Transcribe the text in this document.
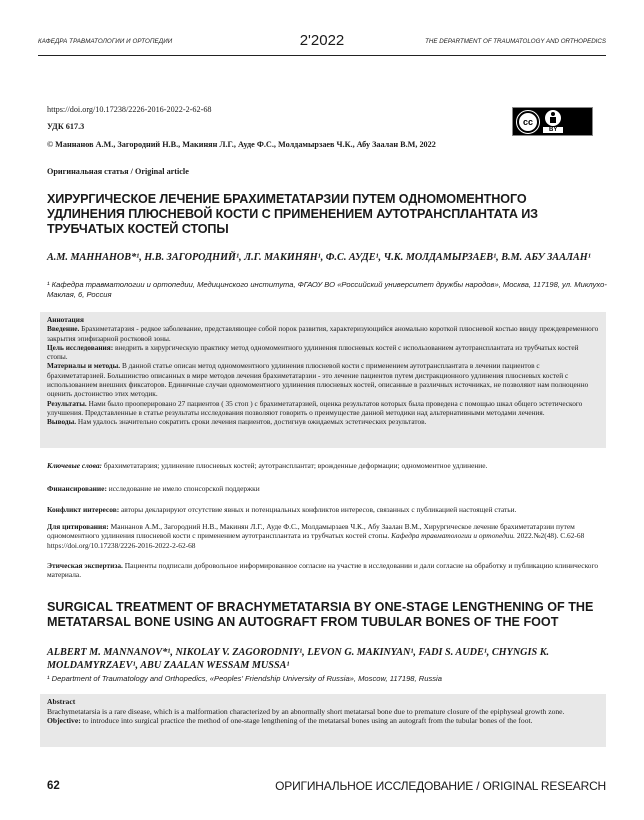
КАФЕДРА ТРАВМАТОЛОГИИ И ОРТОПЕДИИ	2'2022	THE DEPARTMENT OF TRAUMATOLOGY AND ORTHOPEDICS
https://doi.org/10.17238/2226-2016-2022-2-62-68
УДК 617.3
© Маннанов А.М., Загородний Н.В., Макинян Л.Г., Ауде Ф.С., Молдамырзаев Ч.К., Абу Заалан В.М, 2022
Оригинальная статья / Original article
cc
BY
ХИРУРГИЧЕСКОЕ ЛЕЧЕНИЕ БРАХИМЕТАТАРЗИИ ПУТЕМ ОДНОМОМЕНТНОГО УДЛИНЕНИЯ ПЛЮСНЕВОЙ КОСТИ С ПРИМЕНЕНИЕМ АУТОТРАНСПЛАНТАТА ИЗ ТРУБЧАТЫХ КОСТЕЙ СТОПЫ
А.М. МАННАНОВ*¹, Н.В. ЗАГОРОДНИЙ¹, Л.Г. МАКИНЯН¹, Ф.С. АУДЕ¹, Ч.К. МОЛДАМЫРЗАЕВ¹, В.М. АБУ ЗААЛАН¹
¹ Кафедра травматологии и ортопедии, Медицинского института, ФГАОУ ВО «Российский университет дружбы народов», Москва, 117198, ул. Миклухо-Маклая, 6, Россия

Аннотация

Введение. Брахиметатарзия - редкое заболевание, представляющее собой порок развития, характеризующийся аномально короткой плюсневой костью ввиду преждевременного закрытия эпифизарной ростковой зоны.

Цель исследования: внедрить в хирургическую практику метод одномоментного удлинения плюсневых костей с использованием аутотрансплантата из трубчатых костей стопы.

Материалы и методы. В данной статье описан метод одномоментного удлинения плюсневой кости с применением аутотрансплантата в лечении пациентов с брахиметатарзией. Большинство описанных в мире методов лечения брахиметатарзии - это лечение пациентов путем дистракционного удлинения плюсневых костей с использованием внешних фиксаторов. Единичные случаи одномоментного удлинения плюсневых костей, описанные в различных источниках, не позволяют нам полноценно оценить достоинство этих методик.

Результаты. Нами было прооперировано 27 пациентов ( 35 стоп ) с брахиметатарзией, оценка результатов которых была проведена с помощью шкал общего эстетического улучшения. Представленные в статье результаты исследования позволяют говорить о преимуществе данной методики над альтернативными методами лечения.

Выводы. Нам удалось значительно сократить сроки лечения пациентов, достигнув ожидаемых эстетических результатов.

Ключевые слова: брахиметатарзия; удлинение плюсневых костей; аутотрансплантат; врожденные деформации; одномоментное удлинение.
Финансирование: исследование не имело спонсорской поддержки
Конфликт интересов: авторы декларируют отсутствие явных и потенциальных конфликтов интересов, связанных с публикацией настоящей статьи.
Для цитирования: Маннанов А.М., Загородний Н.В., Макинян Л.Г., Ауде Ф.С., Молдамырзаев Ч.К., Абу Заалан В.М., Хирургическое лечение брахиметатарзии путем одномоментного удлинения плюсневой кости с применением аутотрансплантата из трубчатых костей стопы. Кафедра травматологии и ортопедии. 2022.№2(48). С.62-68 https://doi.org/10.17238/2226-2016-2022-2-62-68
Этическая экспертиза. Пациенты подписали добровольное информированное согласие на участие в исследовании и дали согласие на обработку и публикацию клинического материала.
SURGICAL TREATMENT OF BRACHYMETATARSIA BY ONE-STAGE LENGTHENING OF THE METATARSAL BONE USING AN AUTOGRAFT FROM TUBULAR BONES OF THE FOOT
ALBERT M. MANNANOV*¹, NIKOLAY V. ZAGORODNIY¹, LEVON G. MAKINYAN¹, FADI S. AUDE¹, CHYNGIS K. MOLDAMYRZAEV¹, ABU ZAALAN WESSAM MUSSA¹
¹ Department of Traumatology and Orthopedics, «Peoples' Friendship University of Russia», Moscow, 117198, Russia

Abstract

Brachymetatarsia is a rare disease, which is a malformation characterized by an abnormally short metatarsal bone due to premature closure of the epiphyseal growth zone.

Objective: to introduce into surgical practice the method of one-stage lengthening of the metatarsal bones using an autograft from the tubular bones of the foot.

62	ОРИГИНАЛЬНОЕ ИССЛЕДОВАНИЕ / ORIGINAL RESEARCH
